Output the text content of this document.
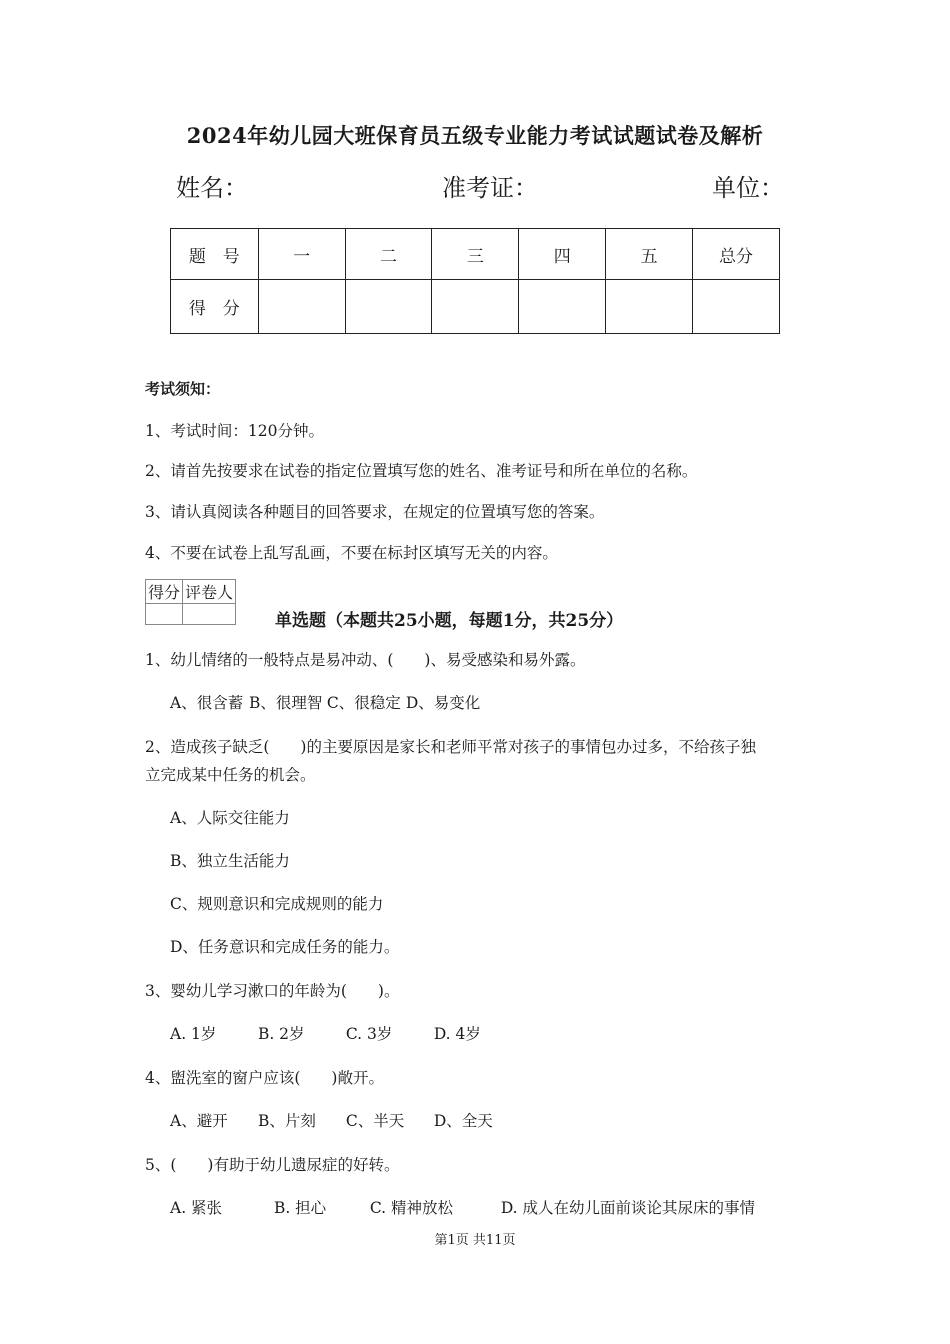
2024年幼儿园大班保育员五级专业能力考试试题试卷及解析
姓名：	准考证：	单位：
题　号	一	二	三	四	五	总分
得　分						
考试须知：
1、考试时间：120分钟。
2、请首先按要求在试卷的指定位置填写您的姓名、准考证号和所在单位的名称。
3、请认真阅读各种题目的回答要求，在规定的位置填写您的答案。
4、不要在试卷上乱写乱画，不要在标封区填写无关的内容。
得分	评卷人

单选题（本题共25小题，每题1分，共25分）
1、幼儿情绪的一般特点是易冲动、(　　)、易受感染和易外露。
A、很含蓄 B、很理智 C、很稳定 D、易变化
2、造成孩子缺乏(　　)的主要原因是家长和老师平常对孩子的事情包办过多，不给孩子独
立完成某中任务的机会。
A、人际交往能力
B、独立生活能力
C、规则意识和完成规则的能力
D、任务意识和完成任务的能力。
3、婴幼儿学习漱口的年龄为(　　)。
A. 1岁	B. 2岁	C. 3岁	D. 4岁
4、盥洗室的窗户应该(　　)敞开。
A、避开 B、片刻 C、半天 D、全天
5、(　　)有助于幼儿遗尿症的好转。
A. 紧张	B. 担心	C. 精神放松	D. 成人在幼儿面前谈论其尿床的事情
第1页 共11页
